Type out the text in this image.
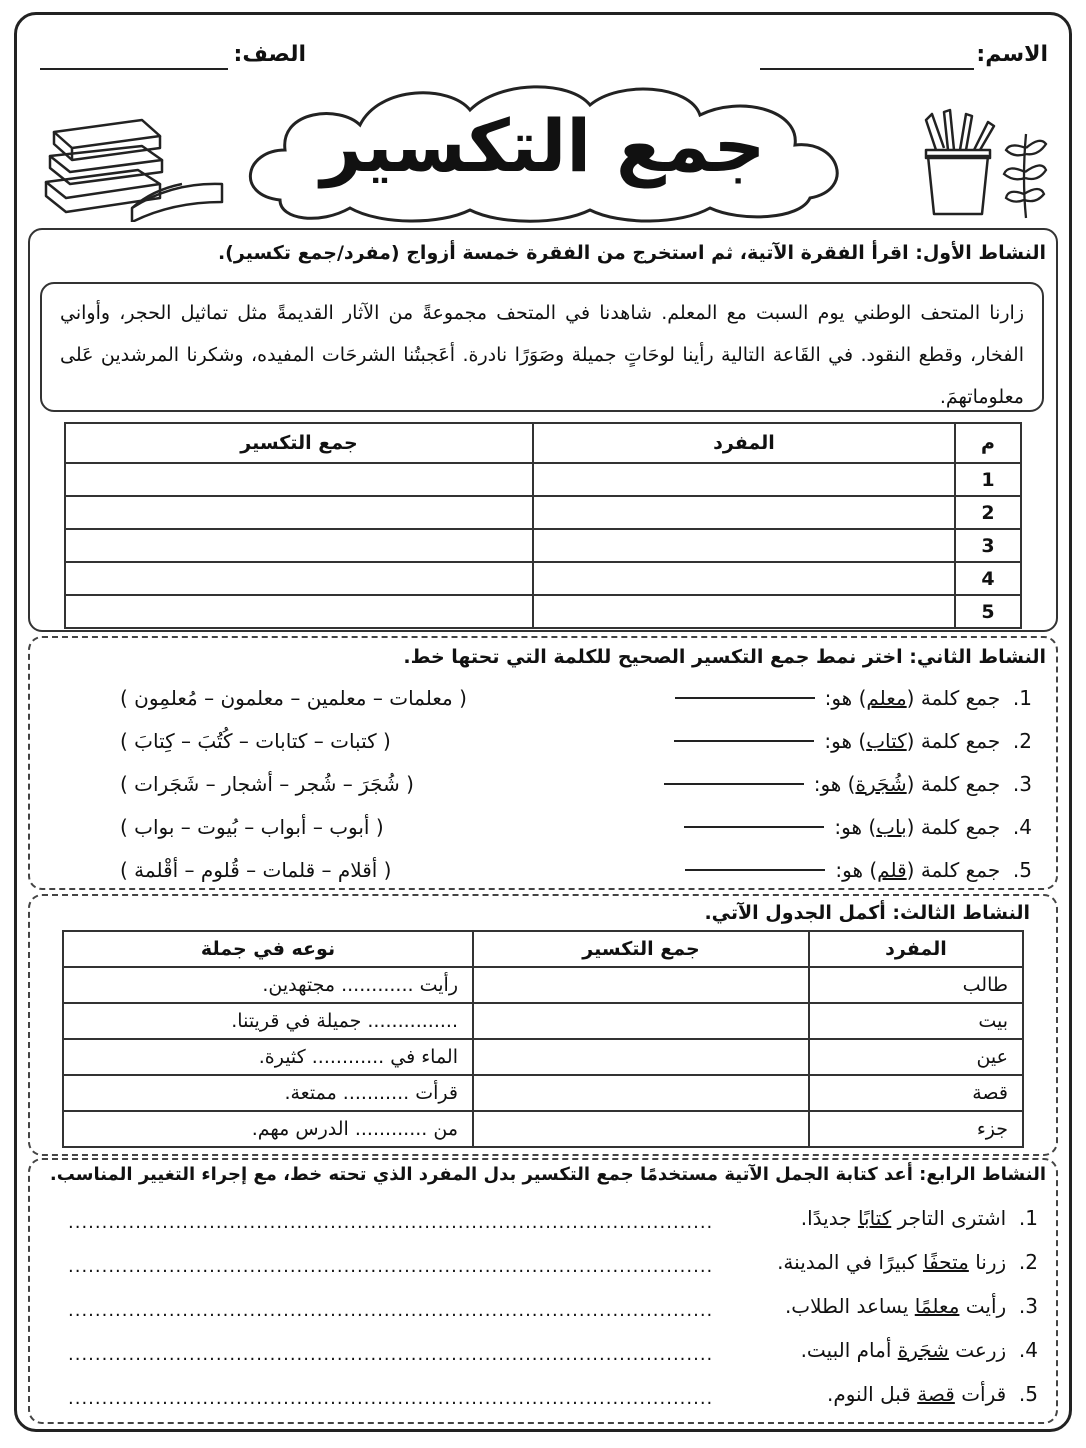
الاسم:
الصف:
جمع التكسير
النشاط الأول: اقرأ الفقرة الآتية، ثم استخرج من الفقرة خمسة أزواج (مفرد/جمع تكسير).
زارنا المتحف الوطني يوم السبت مع المعلم. شاهدنا في المتحف مجموعةً من الآثار القديمةً مثل تماثيل الحجر، وأواني الفخار، وقطع النقود. في القَاعة التالية رأينا لوحَاتٍ جميلة وصَوَرًا نادرة. أعَجبتُنا الشرحَات المفيده، وشكرنا المرشدين عَلى معلوماتهمَ.
م	المفرد	جمع التكسير
1		
2		
3		
4		
5		
النشاط الثاني: اختر نمط جمع التكسير الصحيح للكلمة التي تحتها خط.
1.

جمع كلمة (
معلم
) هو:
( معلمات – معلمين – معلمون – مُعلمِون )
2.

جمع كلمة (
كتاب
) هو:
( كتبات – كتابات – كُتُبَ – كِتابَ )
3.

جمع كلمة (
شُجَرة
) هو:
( شُجَرَ – شُجر – أشجار – شَجَرات )
4.

جمع كلمة (
باب
) هو:
( أبوب – أبواب – بُيوت – بواب )
5.

جمع كلمة (
قلم
) هو:
( أقلام – قلمات – قُلوم – أقْلمة )
النشاط الثالث: أكمل الجدول الآتي.
المفرد	جمع التكسير	نوعه في جملة
طالب		رأيت ............ مجتهدين.
بيت		............... جميلة في قريتنا.
عين		الماء في ............ كثيرة.
قصة		قرأت ........... ممتعة.
جزء		من ............ الدرس مهم.
النشاط الرابع: أعد كتابة الجمل الآتية مستخدمًا جمع التكسير بدل المفرد الذي تحته خط، مع إجراء التغيير المناسب.
1.  اشترى التاجر كتابًا جديدًا.
................................................................................................
2.  زرنا متحفًا كبيرًا في المدينة.
................................................................................................
3.  رأيت معلمًا يساعد الطلاب.
................................................................................................
4.  زرعت شجَرة أمام البيت.
................................................................................................
5.  قرأت قصة قبل النوم.
................................................................................................
